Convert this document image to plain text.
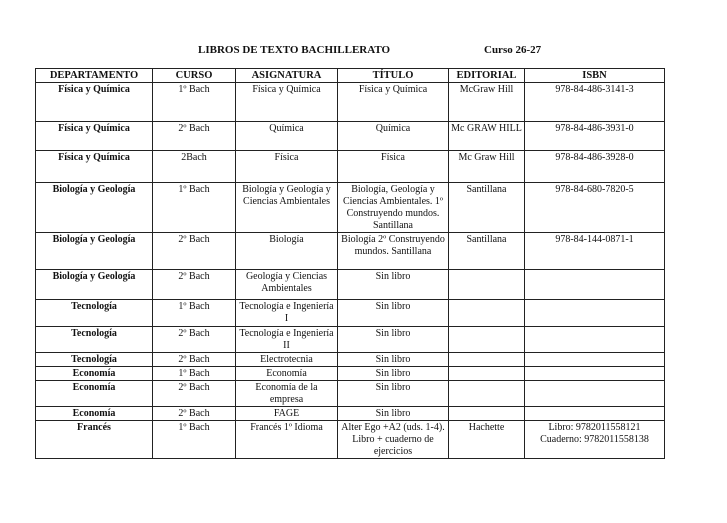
LIBROS DE TEXTO BACHILLERATO	Curso 26-27
DEPARTAMENTO	CURSO	ASIGNATURA	TÍTULO	EDITORIAL	ISBN
Física y Química	1º Bach	Física y Química	Física y Química	McGraw Hill	978-84-486-3141-3
Física y Química	2º Bach	Química	Química	Mc GRAW HILL	978-84-486-3931-0
Física y Química	2Bach	Física	Física	Mc Graw Hill	978-84-486-3928-0
Biología y Geología	1º Bach	Biología y Geología y Ciencias Ambientales	Biología, Geología y Ciencias Ambientales. 1º Construyendo mundos. Santillana	Santillana	978-84-680-7820-5
Biología y Geología	2º Bach	Biología	Biología 2º Construyendo mundos. Santillana	Santillana	978-84-144-0871-1
Biología y Geología	2º Bach	Geología y Ciencias Ambientales	Sin libro		
Tecnología	1º Bach	Tecnología e Ingeniería I	Sin libro		
Tecnología	2º Bach	Tecnología e Ingeniería II	Sin libro		
Tecnología	2º Bach	Electrotecnia	Sin libro		
Economía	1º Bach	Economía	Sin libro		
Economía	2º Bach	Economía de la empresa	Sin libro		
Economía	2º Bach	FAGE	Sin libro		
Francés	1º Bach	Francés 1º Idioma	Alter Ego +A2 (uds. 1-4). Libro + cuaderno de ejercicios	Hachette	Libro: 9782011558121
Cuaderno: 9782011558138
